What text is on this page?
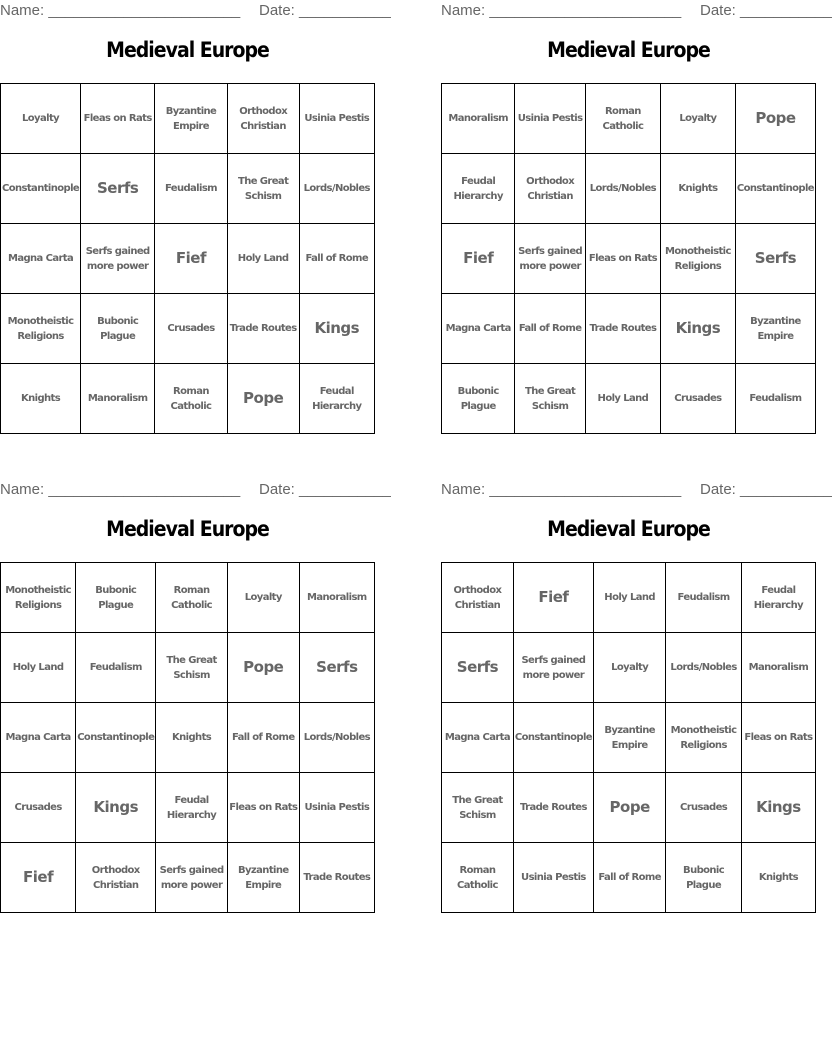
Name: _______________________ Date: ___________
Medieval Europe
Loyalty	Fleas on Rats	Byzantine Empire	Orthodox Christian	Usinia Pestis
Constantinople	Serfs	Feudalism	The Great Schism	Lords/Nobles
Magna Carta	Serfs gained more power	Fief	Holy Land	Fall of Rome
Monotheistic Religions	Bubonic Plague	Crusades	Trade Routes	Kings
Knights	Manoralism	Roman Catholic	Pope	Feudal Hierarchy
Name: _______________________ Date: ___________
Medieval Europe
Manoralism	Usinia Pestis	Roman Catholic	Loyalty	Pope
Feudal Hierarchy	Orthodox Christian	Lords/Nobles	Knights	Constantinople
Fief	Serfs gained more power	Fleas on Rats	Monotheistic Religions	Serfs
Magna Carta	Fall of Rome	Trade Routes	Kings	Byzantine Empire
Bubonic Plague	The Great Schism	Holy Land	Crusades	Feudalism
Name: _______________________ Date: ___________
Medieval Europe
Monotheistic Religions	Bubonic Plague	Roman Catholic	Loyalty	Manoralism
Holy Land	Feudalism	The Great Schism	Pope	Serfs
Magna Carta	Constantinople	Knights	Fall of Rome	Lords/Nobles
Crusades	Kings	Feudal Hierarchy	Fleas on Rats	Usinia Pestis
Fief	Orthodox Christian	Serfs gained more power	Byzantine Empire	Trade Routes
Name: _______________________ Date: ___________
Medieval Europe
Orthodox Christian	Fief	Holy Land	Feudalism	Feudal Hierarchy
Serfs	Serfs gained more power	Loyalty	Lords/Nobles	Manoralism
Magna Carta	Constantinople	Byzantine Empire	Monotheistic Religions	Fleas on Rats
The Great Schism	Trade Routes	Pope	Crusades	Kings
Roman Catholic	Usinia Pestis	Fall of Rome	Bubonic Plague	Knights
